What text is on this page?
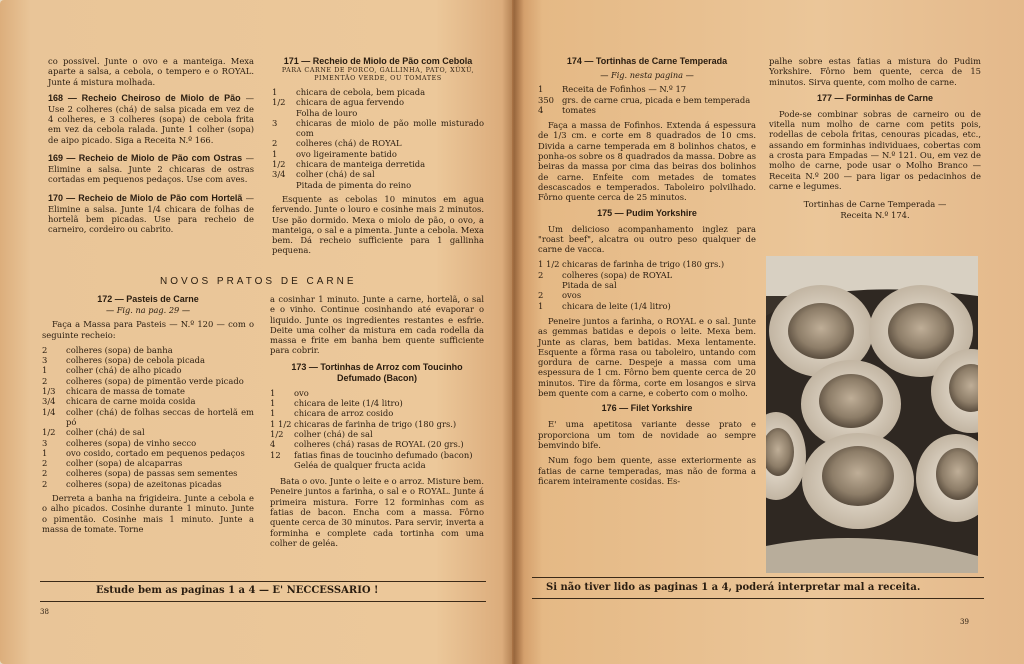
co possivel. Junte o ovo e a manteiga. Mexa aparte a salsa, a cebola, o tempero e o ROYAL. Junte á mistura molhada.

168 — Recheio Cheiroso de Miolo de Pão — Use 2 colheres (chá) de salsa picada em vez de 4 colheres, e 3 colheres (sopa) de cebola frita em vez da cebola ralada. Junte 1 colher (sopa) de aipo picado. Siga a Receita N.º 166.
169 — Recheio de Miolo de Pão com Ostras — Elimine a salsa. Junte 2 chicaras de ostras cortadas em pequenos pedaços. Use com aves.
170 — Recheio de Miolo de Pão com Hortelã — Elimine a salsa. Junte 1/4 chicara de folhas de hortelã bem picadas. Use para recheio de carneiro, cordeiro ou cabrito.
171 — Recheio de Miolo de Pão com Cebola
PARA CARNE DE PORCO, GALLINHA, PATO, XÚXÚ, PIMENTÃO VERDE, OU TOMATES
1	chicara de cebola, bem picada
1/2	chicara de agua fervendo
Folha de louro
3	chicaras de miolo de pão molle misturado com
2	colheres (chá) de ROYAL
1	ovo ligeiramente batido
1/2	chicara de manteiga derretida
3/4	colher (chá) de sal
Pitada de pimenta do reino

Esquente as cebolas 10 minutos em agua fervendo. Junte o louro e cosinhe mais 2 minutos. Use pão dormido. Mexa o miolo de pão, o ovo, a manteiga, o sal e a pimenta. Junte a cebola. Mexa bem. Dá recheio sufficiente para 1 gallinha pequena.

NOVOS PRATOS DE CARNE
172 — Pasteis de Carne
— Fig. na pag. 29 —

Faça a Massa para Pasteis — N.º 120 — com o seguinte recheio:

2	colheres (sopa) de banha
3	colheres (sopa) de cebola picada
1	colher (chá) de alho picado
2	colheres (sopa) de pimentão verde picado
1/3	chicara de massa de tomate
3/4	chicara de carne moida cosida
1/4	colher (chá) de folhas seccas de hortelã em pó
1/2	colher (chá) de sal
3	colheres (sopa) de vinho secco
1	ovo cosido, cortado em pequenos pedaços
2	colher (sopa) de alcaparras
2	colheres (sopa) de passas sem sementes
2	colheres (sopa) de azeitonas picadas

Derreta a banha na frigideira. Junte a cebola e o alho picados. Cosinhe durante 1 minuto. Junte o pimentão. Cosinhe mais 1 minuto. Junte a massa de tomate. Torne

a cosinhar 1 minuto. Junte a carne, hortelã, o sal e o vinho. Continue cosinhando até evaporar o liquido. Junte os ingredientes restantes e esfrie. Deite uma colher da mistura em cada rodella da massa e frite em banha bem quente sufficiente para cobrir.

173 — Tortinhas de Arroz com Toucinho Defumado (Bacon)
1	ovo
1	chicara de leite (1/4 litro)
1	chicara de arroz cosido
1 1/2 chicaras de farinha de trigo (180 grs.)
1/2	colher (chá) de sal
4	colheres (chá) rasas de ROYAL (20 grs.)
12	fatias finas de toucinho defumado (bacon)
Geléa de qualquer fructa acida

Bata o ovo. Junte o leite e o arroz. Misture bem. Peneire juntos a farinha, o sal e o ROYAL. Junte á primeira mistura. Forre 12 forminhas com as fatias de bacon. Encha com a massa. Fôrno quente cerca de 30 minutos. Para servir, inverta a forminha e complete cada tortinha com uma colher de geléa.

Estude bem as paginas 1 a 4 — E' NECCESSARIO !
38
174 — Tortinhas de Carne Temperada
— Fig. nesta pagina —
1	Receita de Fofinhos — N.º 17
350 grs. de carne crua, picada e bem temperada
4	tomates

Faça a massa de Fofinhos. Extenda á espessura de 1/3 cm. e corte em 8 quadrados de 10 cms. Divida a carne temperada em 8 bolinhos chatos, e ponha-os sobre os 8 quadrados da massa. Dobre as beiras da massa por cima das beiras dos bolinhos de carne. Enfeite com metades de tomates descascados e temperados. Taboleiro polvilhado. Fôrno quente cerca de 25 minutos.

175 — Pudim Yorkshire

Um delicioso acompanhamento inglez para "roast beef", alcatra ou outro peso qualquer de carne de vacca.

1 1/2 chicaras de farinha de trigo (180 grs.)
2	colheres (sopa) de ROYAL
Pitada de sal
2	ovos
1	chicara de leite (1/4 litro)

Peneire juntos a farinha, o ROYAL e o sal. Junte as gemmas batidas e depois o leite. Mexa bem. Junte as claras, bem batidas. Mexa lentamente. Esquente a fôrma rasa ou taboleiro, untando com gordura de carne. Despeje a massa com uma espessura de 1 cm. Fôrno bem quente cerca de 20 minutos. Tire da fôrma, corte em losangos e sirva bem quente com a carne, e coberto com o molho.

176 — Filet Yorkshire

E' uma apetitosa variante desse prato e proporciona um tom de novidade ao sempre bemvindo bife.

Num fogo bem quente, asse exteriormente as fatias de carne temperadas, mas não de forma a ficarem inteiramente cosidas. Es-

palhe sobre estas fatias a mistura do Pudim Yorkshire. Fôrno bem quente, cerca de 15 minutos. Sirva quente, com molho de carne.

177 — Forminhas de Carne

Pode-se combinar sobras de carneiro ou de vitella num molho de carne com petits pois, rodellas de cebola fritas, cenouras picadas, etc., assando em forminhas individuaes, cobertas com a crosta para Empadas — N.º 121. Ou, em vez de molho de carne, pode usar o Molho Branco — Receita N.º 200 — para ligar os pedacinhos de carne e legumes.

Tortinhas de Carne Temperada — Receita N.º 174.
Si não tiver lido as paginas 1 a 4, poderá interpretar mal a receita.
39
